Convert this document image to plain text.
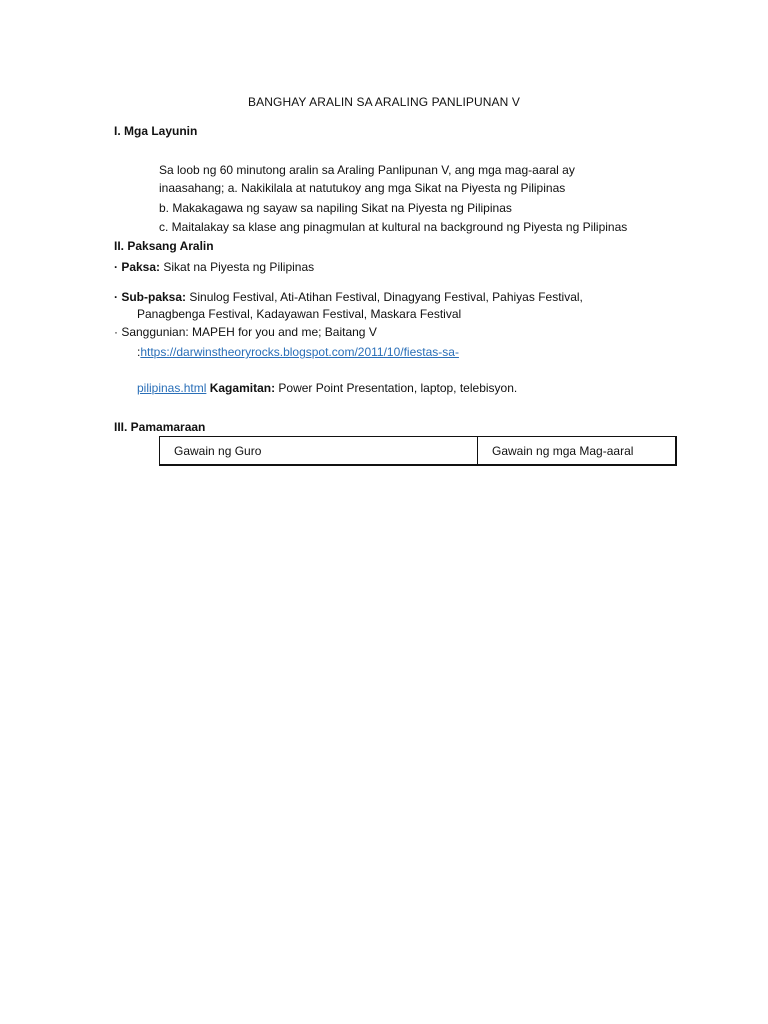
BANGHAY ARALIN SA ARALING PANLIPUNAN V
I. Mga Layunin
Sa loob ng 60 minutong aralin sa Araling Panlipunan V, ang mga mag-aaral ay
inaasahang; a. Nakikilala at natutukoy ang mga Sikat na Piyesta ng Pilipinas
b. Makakagawa ng sayaw sa napiling Sikat na Piyesta ng Pilipinas
c. Maitalakay sa klase ang pinagmulan at kultural na background ng Piyesta ng Pilipinas
II. Paksang Aralin
· Paksa: Sikat na Piyesta ng Pilipinas
· Sub-paksa: Sinulog Festival, Ati-Atihan Festival, Dinagyang Festival, Pahiyas Festival,
Panagbenga Festival, Kadayawan Festival, Maskara Festival
· Sanggunian: MAPEH for you and me; Baitang V
:https://darwinstheoryrocks.blogspot.com/2011/10/fiestas-sa-
pilipinas.html Kagamitan: Power Point Presentation, laptop, telebisyon.
III. Pamamaraan
Gawain ng Guro	Gawain ng mga Mag-aaral
